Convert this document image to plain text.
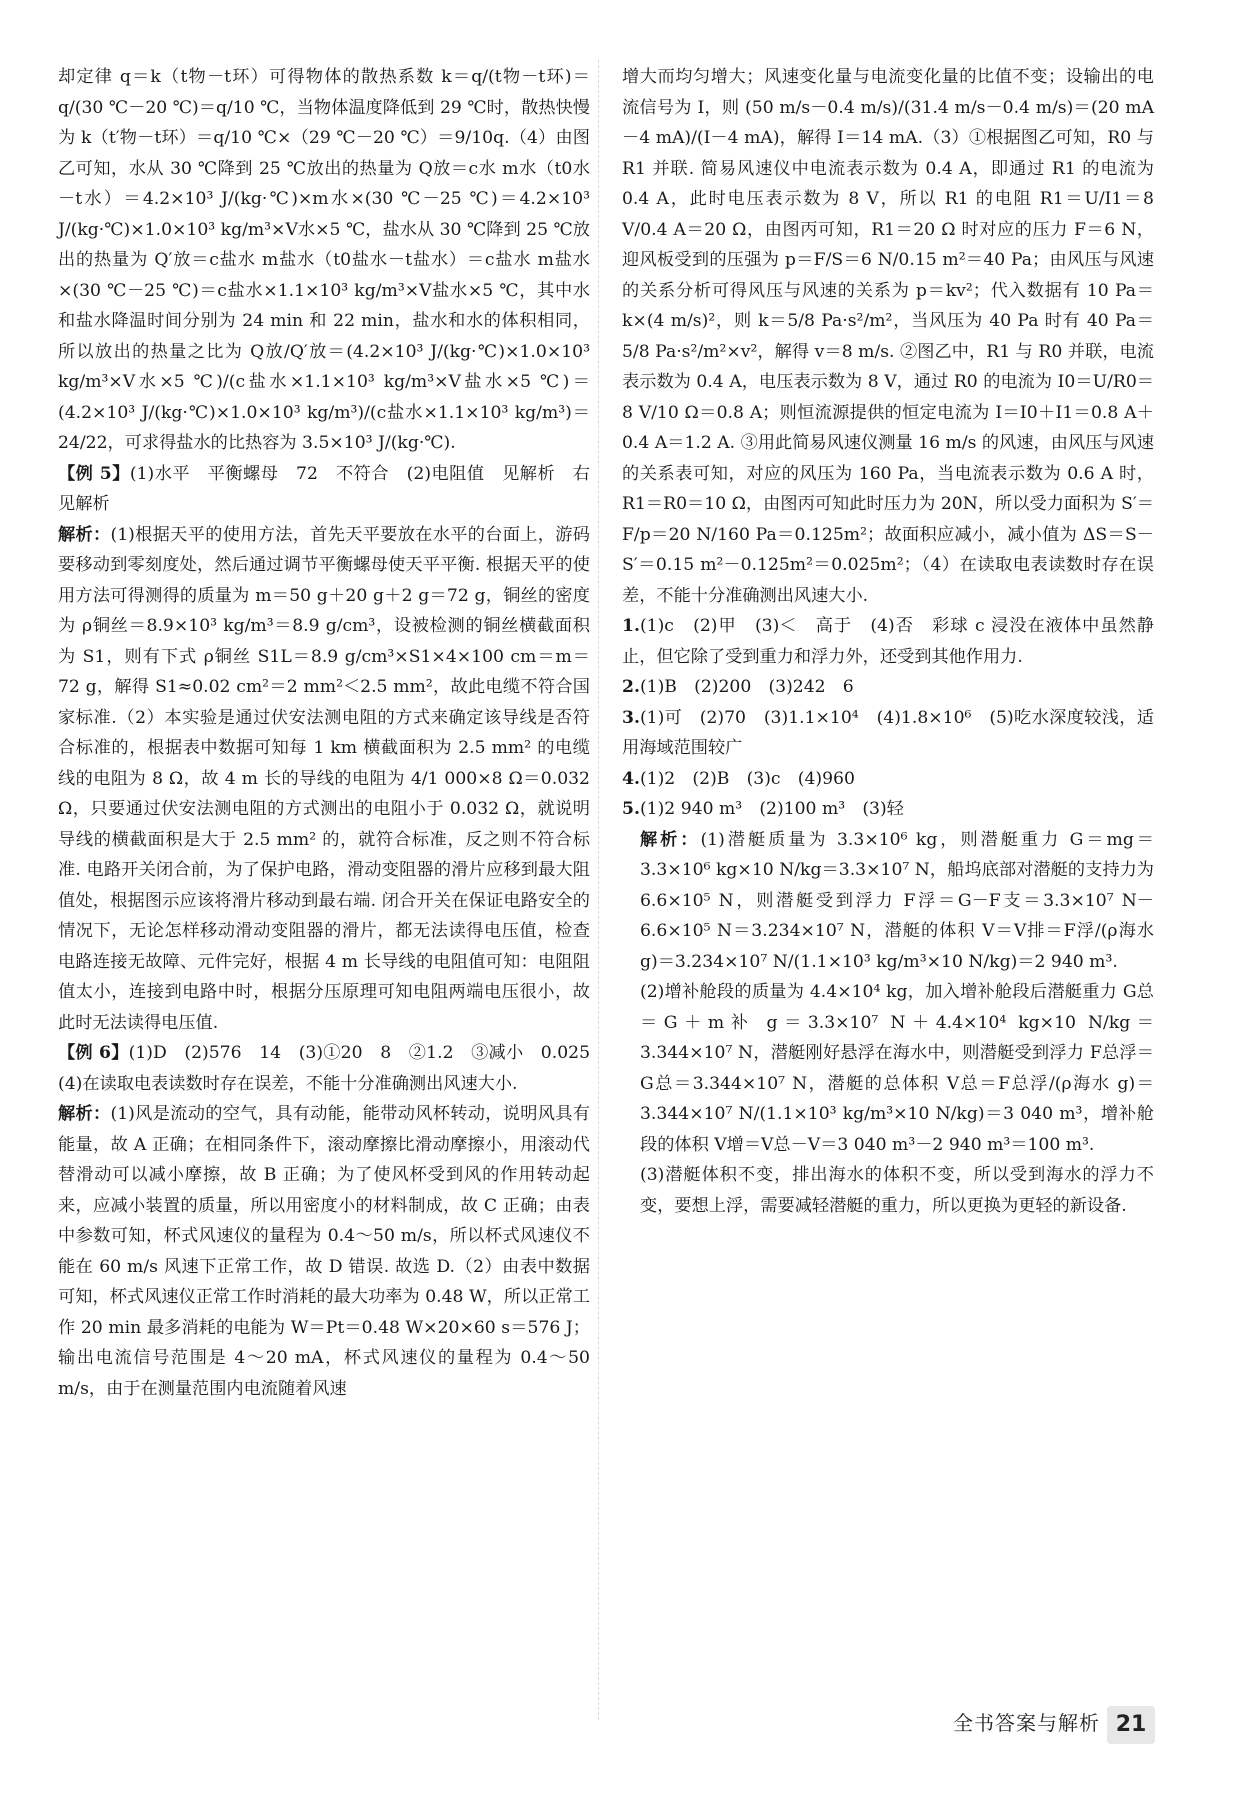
却定律 q＝k（t物－t环）可得物体的散热系数 k＝q/(t物－t环)＝q/(30 ℃－20 ℃)＝q/10 ℃，当物体温度降低到 29 ℃时，散热快慢为 k（t′物－t环）＝q/10 ℃×（29 ℃－20 ℃）＝9/10q.（4）由图乙可知，水从 30 ℃降到 25 ℃放出的热量为 Q放＝c水 m水（t0水－t水）＝4.2×10³ J/(kg·℃)×m水×(30 ℃－25 ℃)＝4.2×10³ J/(kg·℃)×1.0×10³ kg/m³×V水×5 ℃，盐水从 30 ℃降到 25 ℃放出的热量为 Q′放＝c盐水 m盐水（t0盐水－t盐水）＝c盐水 m盐水×(30 ℃－25 ℃)＝c盐水×1.1×10³ kg/m³×V盐水×5 ℃，其中水和盐水降温时间分别为 24 min 和 22 min，盐水和水的体积相同，所以放出的热量之比为 Q放/Q′放＝(4.2×10³ J/(kg·℃)×1.0×10³ kg/m³×V水×5 ℃)/(c盐水×1.1×10³ kg/m³×V盐水×5 ℃)＝(4.2×10³ J/(kg·℃)×1.0×10³ kg/m³)/(c盐水×1.1×10³ kg/m³)＝24/22，可求得盐水的比热容为 3.5×10³ J/(kg·℃).

【例 5】(1)水平　平衡螺母　72　不符合　(2)电阻值　见解析　右　见解析

解析：(1)根据天平的使用方法，首先天平要放在水平的台面上，游码要移动到零刻度处，然后通过调节平衡螺母使天平平衡. 根据天平的使用方法可得测得的质量为 m＝50 g＋20 g＋2 g＝72 g，铜丝的密度为 ρ铜丝＝8.9×10³ kg/m³＝8.9 g/cm³，设被检测的铜丝横截面积为 S1，则有下式 ρ铜丝 S1L＝8.9 g/cm³×S1×4×100 cm＝m＝72 g，解得 S1≈0.02 cm²＝2 mm²＜2.5 mm²，故此电缆不符合国家标准.（2）本实验是通过伏安法测电阻的方式来确定该导线是否符合标准的，根据表中数据可知每 1 km 横截面积为 2.5 mm² 的电缆线的电阻为 8 Ω，故 4 m 长的导线的电阻为 4/1 000×8 Ω＝0.032 Ω，只要通过伏安法测电阻的方式测出的电阻小于 0.032 Ω，就说明导线的横截面积是大于 2.5 mm² 的，就符合标准，反之则不符合标准. 电路开关闭合前，为了保护电路，滑动变阻器的滑片应移到最大阻值处，根据图示应该将滑片移动到最右端. 闭合开关在保证电路安全的情况下，无论怎样移动滑动变阻器的滑片，都无法读得电压值，检查电路连接无故障、元件完好，根据 4 m 长导线的电阻值可知：电阻阻值太小，连接到电路中时，根据分压原理可知电阻两端电压很小，故此时无法读得电压值.

【例 6】(1)D　(2)576　14　(3)①20　8　②1.2　③减小　0.025　(4)在读取电表读数时存在误差，不能十分准确测出风速大小.

解析：(1)风是流动的空气，具有动能，能带动风杯转动，说明风具有能量，故 A 正确；在相同条件下，滚动摩擦比滑动摩擦小，用滚动代替滑动可以减小摩擦，故 B 正确；为了使风杯受到风的作用转动起来，应减小装置的质量，所以用密度小的材料制成，故 C 正确；由表中参数可知，杯式风速仪的量程为 0.4～50 m/s，所以杯式风速仪不能在 60 m/s 风速下正常工作，故 D 错误. 故选 D.（2）由表中数据可知，杯式风速仪正常工作时消耗的最大功率为 0.48 W，所以正常工作 20 min 最多消耗的电能为 W＝Pt＝0.48 W×20×60 s＝576 J；输出电流信号范围是 4～20 mA，杯式风速仪的量程为 0.4～50 m/s，由于在测量范围内电流随着风速

增大而均匀增大；风速变化量与电流变化量的比值不变；设输出的电流信号为 I，则 (50 m/s－0.4 m/s)/(31.4 m/s－0.4 m/s)＝(20 mA－4 mA)/(I－4 mA)，解得 I＝14 mA.（3）①根据图乙可知，R0 与 R1 并联. 简易风速仪中电流表示数为 0.4 A，即通过 R1 的电流为 0.4 A，此时电压表示数为 8 V，所以 R1 的电阻 R1＝U/I1＝8 V/0.4 A＝20 Ω，由图丙可知，R1＝20 Ω 时对应的压力 F＝6 N，迎风板受到的压强为 p＝F/S＝6 N/0.15 m²＝40 Pa；由风压与风速的关系分析可得风压与风速的关系为 p＝kv²；代入数据有 10 Pa＝k×(4 m/s)²，则 k＝5/8 Pa·s²/m²，当风压为 40 Pa 时有 40 Pa＝5/8 Pa·s²/m²×v²，解得 v＝8 m/s. ②图乙中，R1 与 R0 并联，电流表示数为 0.4 A，电压表示数为 8 V，通过 R0 的电流为 I0＝U/R0＝8 V/10 Ω＝0.8 A；则恒流源提供的恒定电流为 I＝I0＋I1＝0.8 A＋0.4 A＝1.2 A. ③用此简易风速仪测量 16 m/s 的风速，由风压与风速的关系表可知，对应的风压为 160 Pa，当电流表示数为 0.6 A 时，R1＝R0＝10 Ω，由图丙可知此时压力为 20N，所以受力面积为 S′＝F/p＝20 N/160 Pa＝0.125m²；故面积应减小，减小值为 ΔS＝S－S′＝0.15 m²－0.125m²＝0.025m²；（4）在读取电表读数时存在误差，不能十分准确测出风速大小.

1.(1)c　(2)甲　(3)＜　高于　(4)否　彩球 c 浸没在液体中虽然静止，但它除了受到重力和浮力外，还受到其他作用力.

2.(1)B　(2)200　(3)242　6

3.(1)可　(2)70　(3)1.1×10⁴　(4)1.8×10⁶　(5)吃水深度较浅，适用海域范围较广

4.(1)2　(2)B　(3)c　(4)960

5.(1)2 940 m³　(2)100 m³　(3)轻

解析：(1)潜艇质量为 3.3×10⁶ kg，则潜艇重力 G＝mg＝3.3×10⁶ kg×10 N/kg＝3.3×10⁷ N，船坞底部对潜艇的支持力为 6.6×10⁵ N，则潜艇受到浮力 F浮＝G－F支＝3.3×10⁷ N－6.6×10⁵ N＝3.234×10⁷ N，潜艇的体积 V＝V排＝F浮/(ρ海水 g)＝3.234×10⁷ N/(1.1×10³ kg/m³×10 N/kg)＝2 940 m³.

(2)增补舱段的质量为 4.4×10⁴ kg，加入增补舱段后潜艇重力 G总＝G＋m补 g＝3.3×10⁷ N＋4.4×10⁴ kg×10 N/kg＝3.344×10⁷ N，潜艇刚好悬浮在海水中，则潜艇受到浮力 F总浮＝G总＝3.344×10⁷ N，潜艇的总体积 V总＝F总浮/(ρ海水 g)＝3.344×10⁷ N/(1.1×10³ kg/m³×10 N/kg)＝3 040 m³，增补舱段的体积 V增＝V总－V＝3 040 m³－2 940 m³＝100 m³.

(3)潜艇体积不变，排出海水的体积不变，所以受到海水的浮力不变，要想上浮，需要减轻潜艇的重力，所以更换为更轻的新设备.

全书答案与解析 21
